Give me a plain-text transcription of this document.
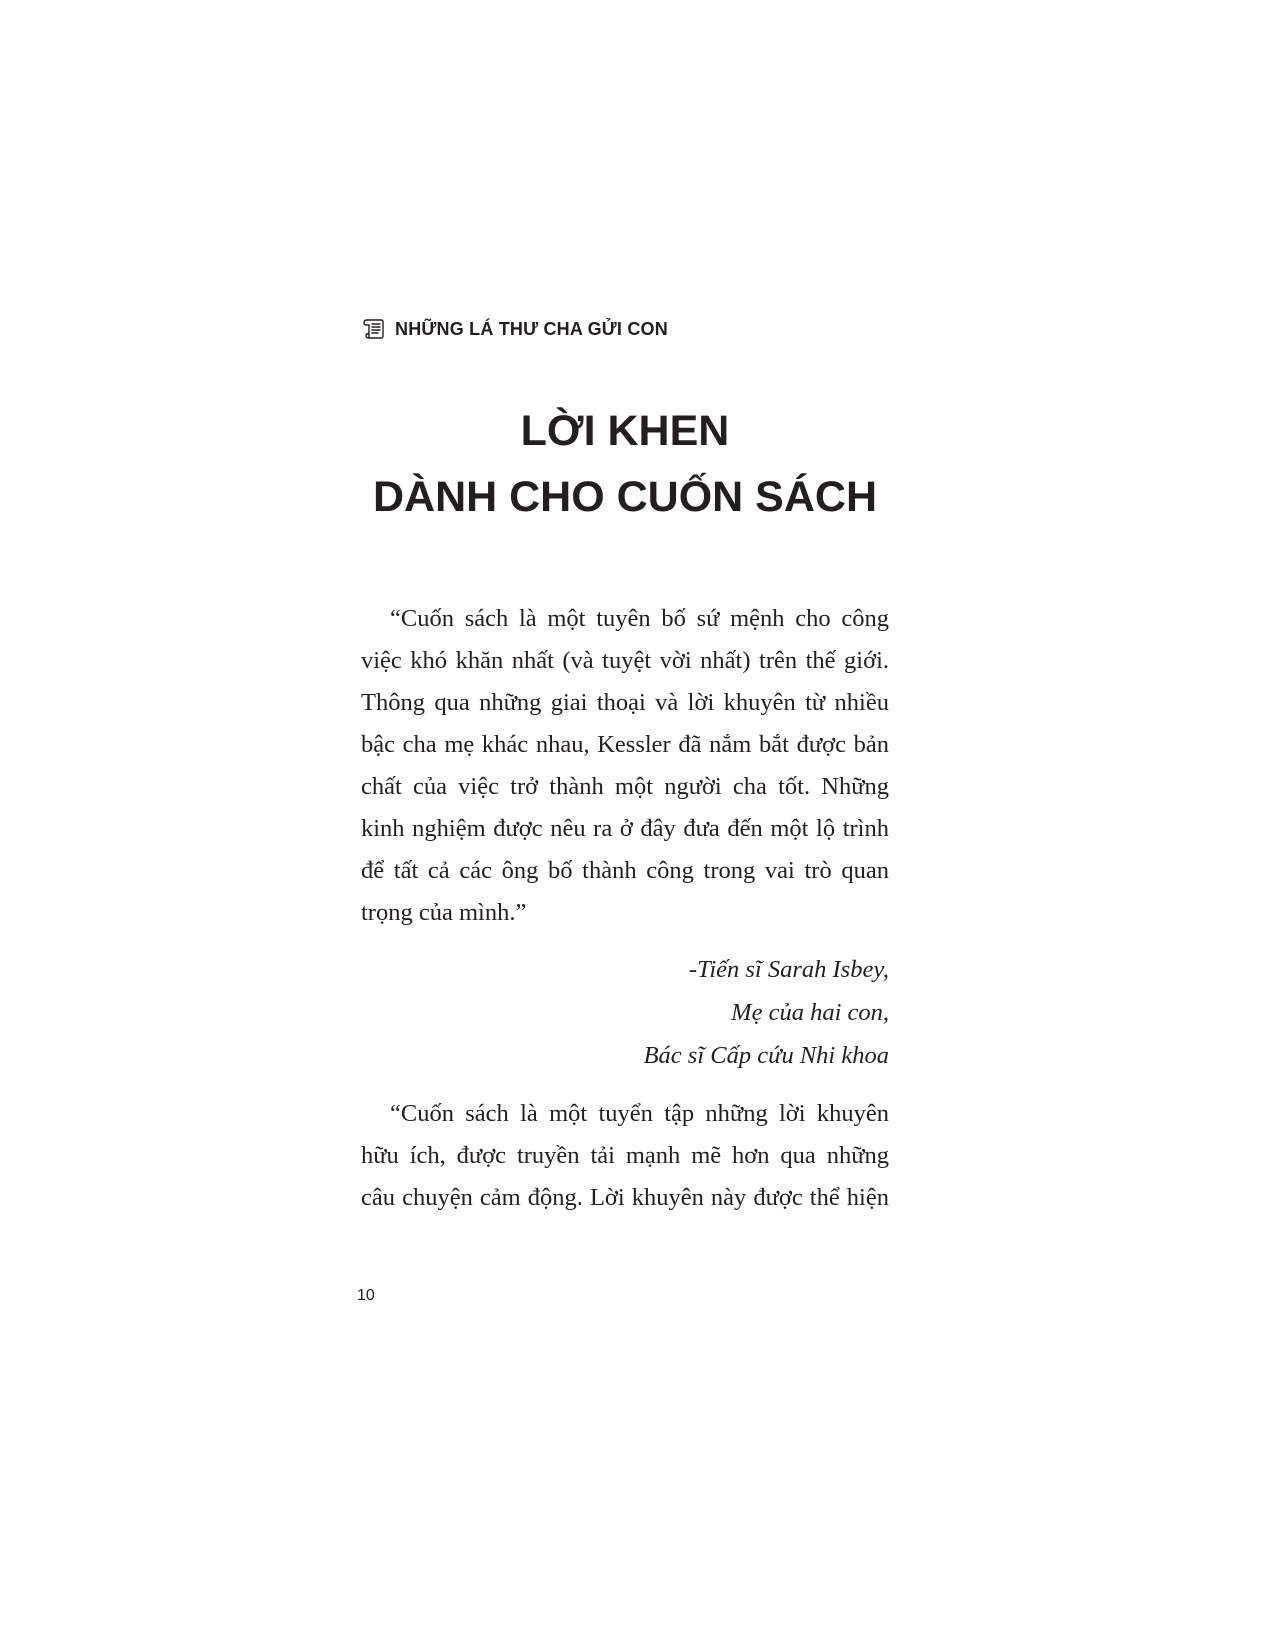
NHỮNG LÁ THƯ CHA GỬI CON
LỜI KHEN
DÀNH CHO CUỐN SÁCH
“Cuốn sách là một tuyên bố sứ mệnh cho công
việc khó khăn nhất (và tuyệt vời nhất) trên thế giới.
Thông qua những giai thoại và lời khuyên từ nhiều
bậc cha mẹ khác nhau, Kessler đã nắm bắt được bản
chất của việc trở thành một người cha tốt. Những
kinh nghiệm được nêu ra ở đây đưa đến một lộ trình
để tất cả các ông bố thành công trong vai trò quan
trọng của mình.”
-Tiến sĩ Sarah Isbey,
Mẹ của hai con,
Bác sĩ Cấp cứu Nhi khoa
“Cuốn sách là một tuyển tập những lời khuyên
hữu ích, được truyền tải mạnh mẽ hơn qua những
câu chuyện cảm động. Lời khuyên này được thể hiện
10
